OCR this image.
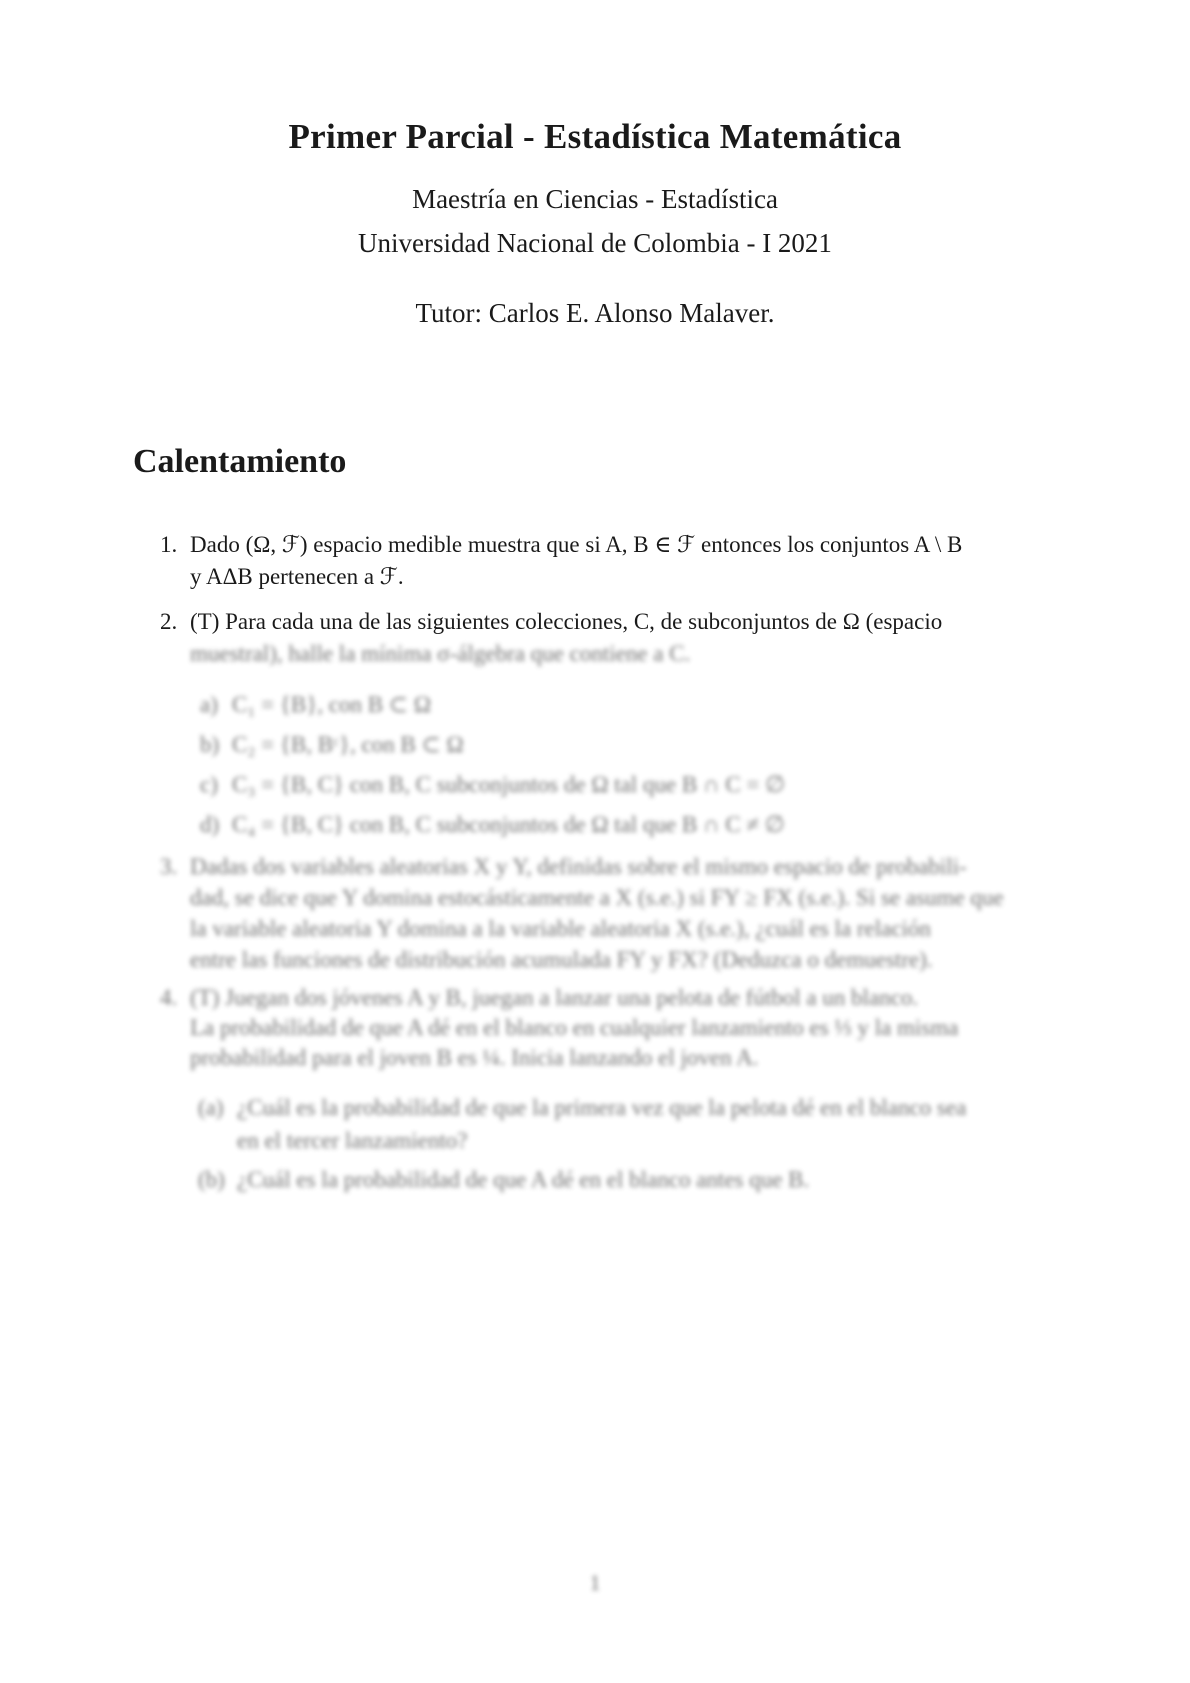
Primer Parcial - Estadística Matemática

Maestría en Ciencias - Estadística

Universidad Nacional de Colombia - I 2021

Tutor: Carlos E. Alonso Malaver.

Calentamiento
1. Dado (Ω, ℱ) espacio medible muestra que si A, B ∈ ℱ entonces los conjuntos A \ B
y AΔB pertenecen a ℱ.
2. (T) Para cada una de las siguientes colecciones, C, de subconjuntos de Ω (espacio
muestral), halle la mínima σ-álgebra que contiene a C.
a) C₁ = {B}, con B ⊂ Ω
b) C₂ = {B, Bᶜ}, con B ⊂ Ω
c) C₃ = {B, C} con B, C subconjuntos de Ω tal que B ∩ C = ∅
d) C₄ = {B, C} con B, C subconjuntos de Ω tal que B ∩ C ≠ ∅
3. Dadas dos variables aleatorias X y Y, definidas sobre el mismo espacio de probabili-
dad, se dice que Y domina estocásticamente a X (s.e.) si FY ≥ FX (s.e.). Si se asume que
la variable aleatoria Y domina a la variable aleatoria X (s.e.), ¿cuál es la relación
entre las funciones de distribución acumulada FY y FX? (Deduzca o demuestre).
4. (T) Juegan dos jóvenes A y B, juegan a lanzar una pelota de fútbol a un blanco.
La probabilidad de que A dé en el blanco en cualquier lanzamiento es ⅓ y la misma
probabilidad para el joven B es ¼. Inicia lanzando el joven A.
(a) ¿Cuál es la probabilidad de que la primera vez que la pelota dé en el blanco sea
en el tercer lanzamiento?
(b) ¿Cuál es la probabilidad de que A dé en el blanco antes que B.
1
